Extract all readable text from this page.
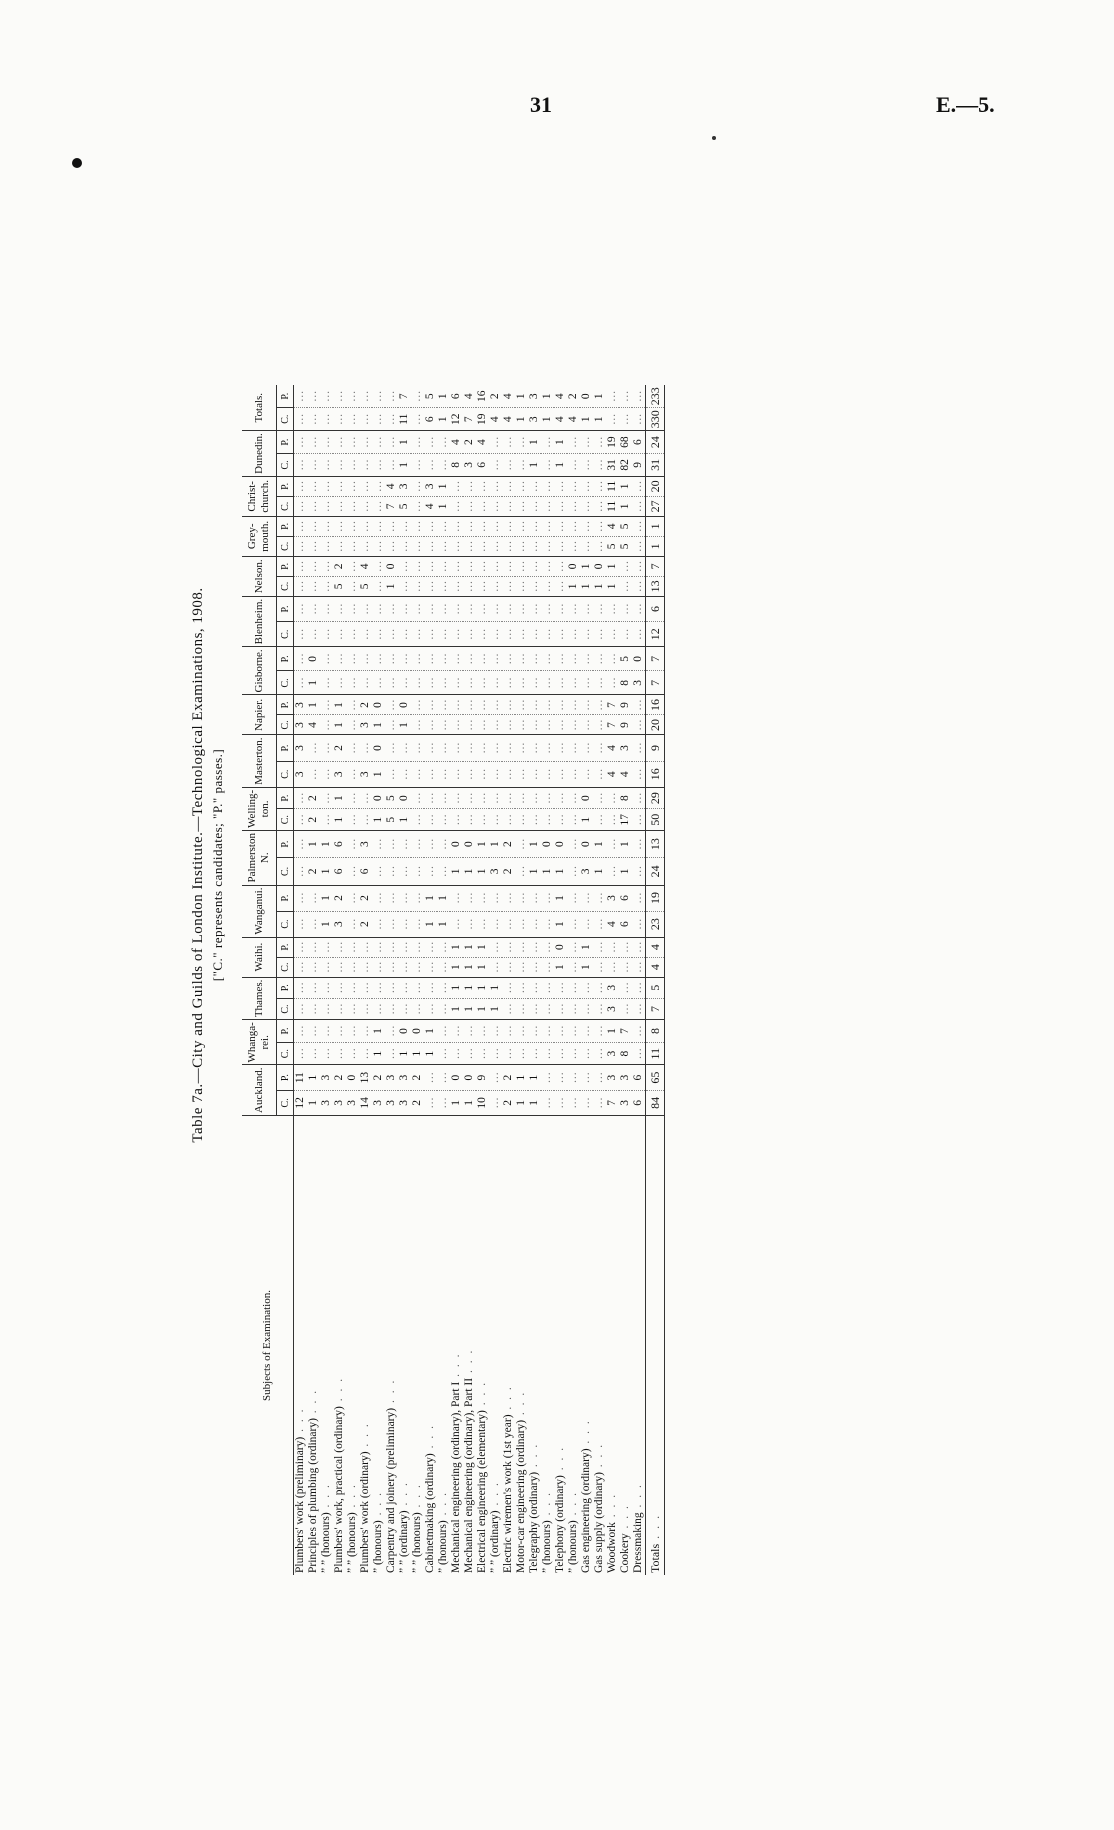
31	E.—5.
Table 7a.—City and Guilds of London Institute.—Technological Examinations, 1908. ["C." represents candidates; "P." passes.]
Subjects of Examination.	Auckland.		Whanga-rei.		Thames.		Waihi.		Wanganui.		Palmerston N.		Welling-ton.		Masterton.		Napier.		Gisborne.		Blenheim.		Nelson.		Grey-mouth.		Christ-church.		Dunedin.		Totals.	
	C.	P.	C.	P.	C.	P.	C.	P.	C.	P.	C.	P.	C.	P.	C.	P.	C.	P.	C.	P.	C.	P.	C.	P.	C.	P.	C.	P.	C.	P.	C.	P.
Plumbers' work (preliminary) . . .	12	11	…	…	…	…	…	…	…	…	…	…	…	…	3	3	3	3	…	…	…	…	…	…	…	…	…	…	…	…	…	…
Principles of plumbing (ordinary) . . .	1	1	…	…	…	…	…	…	…	…	2	1	2	2	…	…	4	1	1	0	…	…	…	…	…	…	…	…	…	…	…	…
” ” (honours) . . .	3	3	…	…	…	…	…	…	1	1	1	1	…	…	…	…	…	…	…	…	…	…	…	…	…	…	…	…	…	…	…	…
Plumbers' work, practical (ordinary) . . .	3	2	…	…	…	…	…	…	3	2	6	6	1	1	3	2	1	1	…	…	…	…	5	2	…	…	…	…	…	…	…	…
” ” (honours) . . .	3	0	…	…	…	…	…	…	…	…	…	…	…	…	…	…	…	…	…	…	…	…	…	…	…	…	…	…	…	…	…	…
Plumbers' work (ordinary) . . .	14	13	…	…	…	…	…	…	2	2	6	3	…	…	3	…	3	2	…	…	…	…	5	4	…	…	…	…	…	…	…	…
” (honours) . . .	3	2	1	1	…	…	…	…	…	…	…	…	1	0	1	0	1	0	…	…	…	…	…	…	…	…	…	…	…	…	…	…
Carpentry and joinery (preliminary) . . .	3	3	…	…	…	…	…	…	…	…	…	…	5	5	…	…	…	…	…	…	…	…	1	0	…	…	7	4	…	…	…	…
” ” (ordinary) . . .	3	3	1	0	…	…	…	…	…	…	…	…	1	0	…	…	1	0	…	…	…	…	…	…	…	…	5	3	1	1	11	7
” ” (honours) . . .	2	2	1	0	…	…	…	…	…	…	…	…	…	…	…	…	…	…	…	…	…	…	…	…	…	…	…	…	…	…	…	…
Cabinetmaking (ordinary) . . .	…	…	1	1	…	…	…	…	1	1	…	…	…	…	…	…	…	…	…	…	…	…	…	…	…	…	4	3	…	…	6	5
” (honours) . . .	…	…	…	…	…	…	…	…	1	1	…	…	…	…	…	…	…	…	…	…	…	…	…	…	…	…	1	1	…	…	1	1
Mechanical engineering (ordinary), Part I . . .	1	0	…	…	1	1	1	1	…	…	1	0	…	…	…	…	…	…	…	…	…	…	…	…	…	…	…	…	8	4	12	6
Mechanical engineering (ordinary), Part II . . .	1	0	…	…	1	1	1	1	…	…	1	0	…	…	…	…	…	…	…	…	…	…	…	…	…	…	…	…	3	2	7	4
Electrical engineering (elementary) . . .	10	9	…	…	1	1	1	1	…	…	1	1	…	…	…	…	…	…	…	…	…	…	…	…	…	…	…	…	6	4	19	16
” ” (ordinary) . . .	…	…	…	…	1	1	…	…	…	…	3	1	…	…	…	…	…	…	…	…	…	…	…	…	…	…	…	…	…	…	4	2
Electric wiremen's work (1st year) . . .	2	2	…	…	…	…	…	…	…	…	2	2	…	…	…	…	…	…	…	…	…	…	…	…	…	…	…	…	…	…	4	4
Motor-car engineering (ordinary) . . .	1	1	…	…	…	…	…	…	…	…	…	…	…	…	…	…	…	…	…	…	…	…	…	…	…	…	…	…	…	…	1	1
Telegraphy (ordinary) . . .	1	1	…	…	…	…	…	…	…	…	1	1	…	…	…	…	…	…	…	…	…	…	…	…	…	…	…	…	1	1	3	3
” (honours) . . .	…	…	…	…	…	…	…	…	…	…	1	0	…	…	…	…	…	…	…	…	…	…	…	…	…	…	…	…	…	…	1	1
Telephony (ordinary) . . .	…	…	…	…	…	…	1	0	1	1	1	0	…	…	…	…	…	…	…	…	…	…	…	…	…	…	…	…	1	1	4	4
” (honours) . . .	…	…	…	…	…	…	…	…	…	…	…	…	…	…	…	…	…	…	…	…	…	…	1	0	…	…	…	…	…	…	4	2
Gas engineering (ordinary) . . .	…	…	…	…	…	…	1	1	…	…	3	0	1	0	…	…	…	…	…	…	…	…	1	1	…	…	…	…	…	…	1	0
Gas supply (ordinary) . . .	…	…	…	…	…	…	…	…	…	…	1	1	…	…	…	…	…	…	…	…	…	…	1	0	…	…	…	…	…	…	1	1
Woodwork . . .	7	3	3	1	3	3	…	…	4	3	…	…	…	…	4	4	7	7	…	…	…	…	1	1	5	4	11	11	31	19	…	…
Cookery . . .	3	3	8	7	…	…	…	…	6	6	1	1	17	8	4	3	9	9	8	5	…	…	…	…	5	5	1	1	82	68	…	…
Dressmaking . . .	6	6	…	…	…	…	…	…	…	…	…	…	…	…	…	…	…	…	3	0	…	…	…	…	…	…	…	…	9	6	…	…
Totals . . .	84	65	11	8	7	5	4	4	23	19	24	13	50	29	16	9	20	16	7	7	12	6	13	7	1	1	27	20	31	24	330	233
